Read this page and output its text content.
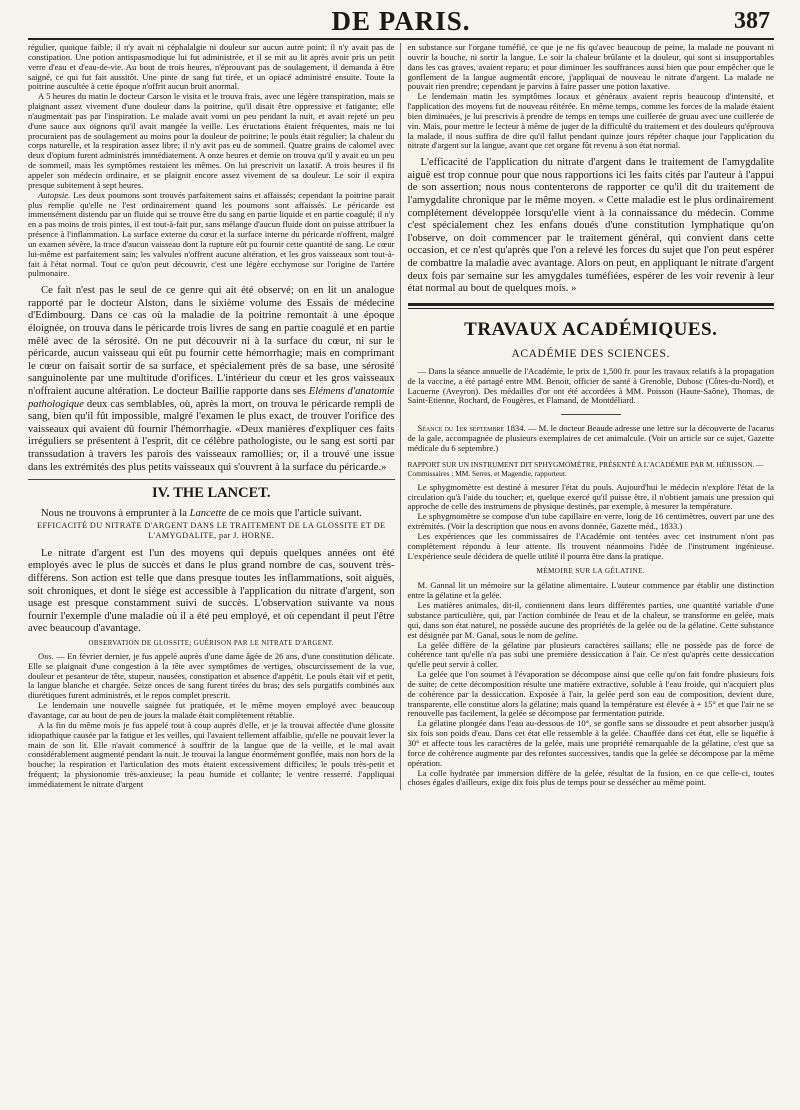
DE PARIS.	387

régulier, quoique faible; il n'y avait ni céphalalgie ni douleur sur aucun autre point; il n'y avait pas de constipation. Une potion antispasmodique lui fut administrée, et il se mit au lit après avoir pris un petit verre d'eau et d'eau-de-vie. Au bout de trois heures, n'éprouvant pas de soulagement, il demanda à être saigné, ce qui fut fait aussitôt. Une pinte de sang fut tirée, et un opiacé administré ensuite. Toute la poitrine auscultée à cette époque n'offrit aucun bruit anormal.

A 5 heures du matin le docteur Carson le visita et le trouva frais, avec une légère transpiration, mais se plaignant assez vivement d'une douleur dans la poitrine, qu'il disait être oppressive et fatigante; elle n'augmentait pas par l'inspiration. Le malade avait vomi un peu pendant la nuit, et avait rejeté un peu d'une sauce aux oignons qu'il avait mangée la veille. Les éructations étaient fréquentes, mais ne lui procuraient pas de soulagement au moins pour la douleur de poitrine; le pouls était régulier; la chaleur du corps naturelle, et la respiration assez libre; il n'y avit pas eu de sommeil. Quatre grains de calomel avec deux d'opium furent administrés immédiatement. A onze heures et demie on trouva qu'il y avait eu un peu de sommeil, mais les symptômes restaient les mêmes. On lui prescrivit un laxatif. A trois heures il fit appeler son médecin ordinaire, et se plaignit encore assez vivement de sa douleur. Le soir il expira presque subitement à sept heures.

Autopsie. Les deux poumons sont trouvés parfaitement sains et affaissés; cependant la poitrine parait plus remplie qu'elle ne l'est ordinairement quand les poumons sont affaissés. Le péricarde est immensément distendu par un fluide qui se trouve être du sang en partie liquide et en partie coagulé; il n'y en a pas moins de trois pintes, il est tout-à-fait pur, sans mélange d'aucun fluide dont on puisse attribuer la présence à l'inflammation. La surface externe du cœur et la surface interne du péricarde n'offrent, malgré un examen sévère, la trace d'aucun vaisseau dont la rupture eût pu fournir cette quantité de sang. Le cœur lui-même est parfaitement sain; les valvules n'offrent aucune altération, et les gros vaisseaux sont tout-à-fait à l'état normal. Tout ce qu'on peut découvrir, c'est une légère ecchymose sur l'origine de l'artère pulmonaire.

Ce fait n'est pas le seul de ce genre qui ait été observé; on en lit un analogue rapporté par le docteur Alston, dans le sixième volume des Essais de médecine d'Edimbourg. Dans ce cas où la maladie de la poitrine remontait à une époque éloignée, on trouva dans le péricarde trois livres de sang en partie coagulé et en partie mêlé avec de la sérosité. On ne put découvrir ni à la surface du cœur, ni sur le péricarde, aucun vaisseau qui eût pu fournir cette hémorrhagie; mais en comprimant le cœur on faisait sortir de sa surface, et spécialement près de sa base, une sérosité sanguinolente par une multitude d'orifices. L'intérieur du cœur et les gros vaisseaux n'offraient aucune altération. Le docteur Baillie rapporte dans ses Elémens d'anatomie pathologique deux cas semblables, où, après la mort, on trouva le péricarde rempli de sang, bien qu'il fût impossible, malgré l'examen le plus exact, de trouver l'orifice des vaisseaux qui avaient dû fournir l'hémorrhagie. «Deux manières d'expliquer ces faits irréguliers se présentent à l'esprit, dit ce célèbre pathologiste, ou le sang est sorti par transsudation à travers les parois des vaisseaux ramollies; or, il a trouvé une issue dans les extrémités des plus petits vaisseaux qui s'ouvrent à la surface du péricarde.»

IV. THE LANCET.

Nous ne trouvons à emprunter à la Lancette de ce mois que l'article suivant.

EFFICACITÉ DU NITRATE D'ARGENT DANS LE TRAITEMENT DE LA GLOSSITE ET DE L'AMYGDALITE, par J. HORNE.

Le nitrate d'argent est l'un des moyens qui depuis quelques années ont été employés avec le plus de succès et dans le plus grand nombre de cas, souvent très-différens. Son action est telle que dans presque toutes les inflammations, soit aiguës, soit chroniques, et dont le siége est accessible à l'application du nitrate d'argent, son usage est presque constamment suivi de succès. L'observation suivante va nous fournir l'exemple d'une maladie où il a été peu employé, et où cependant il peut l'être avec beaucoup d'avantage.

OBSERVATION DE GLOSSITE; GUÉRISON PAR LE NITRATE D'ARGENT.

Obs. — En février dernier, je fus appelé auprès d'une dame âgée de 26 ans, d'une constitution délicate. Elle se plaignait d'une congestion à la tête avec symptômes de vertiges, obscurcissement de la vue, douleur et pesanteur de tête, stupeur, nausées, constipation et absence d'appétit. Le pouls était vif et petit, la langue blanche et chargée. Seize onces de sang furent tirées du bras; des sels purgatifs combinés aux diurétiques furent administrés, et le repos complet prescrit.

Le lendemain une nouvelle saignée fut pratiquée, et le même moyen employé avec beaucoup d'avantage, car au bout de peu de jours la malade était complètement rétablie.

A la fin du même mois je fus appelé tout à coup auprès d'elle, et je la trouvai affectée d'une glossite idiopathique causée par la fatigue et les veilles, qui l'avaient tellement affaiblie, qu'elle ne pouvait lever la main de son lit. Elle n'avait commencé à souffrir de la langue que de la veille, et le mal avait considérablement augmenté pendant la nuit. Je trouvai la langue énormément gonflée, mais non hors de la bouche; la respiration et l'articulation des mots étaient excessivement difficiles; le pouls très-petit et fréquent; la physionomie très-anxieuse; la peau humide et collante; le ventre resserré. J'appliquai immédiatement le nitrate d'argent

en substance sur l'organe tuméfié, ce que je ne fis qu'avec beaucoup de peine, la malade ne pouvant ni ouvrir la bouche, ni sortir la langue. Le soir la chaleur brûlante et la douleur, qui sont si insupportables dans les cas graves, avaient reparu; et pour diminuer les souffrances aussi bien que pour empêcher que le gonflement de la langue augmentât encore, j'appliquai de nouveau le nitrate d'argent. La malade ne pouvait rien prendre; cependant je parvins à faire passer une potion laxative.

Le lendemain matin les symptômes locaux et généraux avaient repris beaucoup d'intensité, et l'application des moyens fut de nouveau réitérée. En même temps, comme les forces de la malade étaient bien diminuées, je lui prescrivis à prendre de temps en temps une cuillerée de gruau avec une cuillerée de vin. Mais, pour mettre le lecteur à même de juger de la difficulté du traitement et des douleurs qu'éprouva la malade, il nous suffira de dire qu'il fallut pendant quinze jours répéter chaque jour l'application du nitrate d'argent sur la langue, avant que cet organe fût revenu à son état normal.

L'efficacité de l'application du nitrate d'argent dans le traitement de l'amygdalite aiguë est trop connue pour que nous rapportions ici les faits cités par l'auteur à l'appui de son assertion; nous nous contenterons de rapporter ce qu'il dit du traitement de l'amygdalite chronique par le même moyen. « Cette maladie est le plus ordinairement complétement développée lorsqu'elle vient à la connaissance du médecin. Comme c'est spécialement chez les enfans doués d'une constitution lymphatique qu'on l'observe, on doit commencer par le traitement général, qui convient dans cette occasion, et ce n'est qu'après que l'on a relevé les forces du sujet que l'on peut espérer de combattre la maladie avec avantage. Alors on peut, en appliquant le nitrate d'argent deux fois par semaine sur les amygdales tuméfiées, espérer de les voir revenir à leur état normal au bout de quelques mois. »

TRAVAUX ACADÉMIQUES.
ACADÉMIE DES SCIENCES.

— Dans la séance annuelle de l'Académie, le prix de 1,500 fr. pour les travaux relatifs à la propagation de la vaccine, a été partagé entre MM. Benoit, officier de santé à Grenoble, Dubosc (Côtes-du-Nord), et Lacuerne (Aveyron). Des médailles d'or ont été accordées à MM. Poisson (Haute-Saône), Thomas, de Saint-Etienne, Rochard, de Fougères, et Flamand, de Montdéliard.

Séance du 1er septembre 1834. — M. le docteur Beaude adresse une lettre sur la découverte de l'acarus de la gale, accompagnée de plusieurs exemplaires de cet animalcule. (Voir un article sur ce sujet, Gazette médicale du 6 septembre.)

RAPPORT SUR UN INSTRUMENT DIT SPHYGMOMÈTRE, PRÉSENTÉ A L'ACADÉMIE PAR M. HÉRISSON. — Commissaires : MM. Serres, et Magendie, rapporteur.

Le sphygmomètre est destiné à mesurer l'état du pouls. Aujourd'hui le médecin n'explore l'état de la circulation qu'à l'aide du toucher; et, quelque exercé qu'il puisse être, il n'obtient jamais une pression qui approche de celle des instrumens de physique destinés, par exemple, à mesurer la température.

Le sphygmomètre se compose d'un tube capillaire en verre, long de 16 centimètres, ouvert par une des extrémités. (Voir la description que nous en avons donnée, Gazette méd., 1833.)

Les expériences que les commissaires de l'Académie ont tentées avec cet instrument n'ont pas complètement répondu à leur attente. Ils trouvent néanmoins l'idée de l'instrument ingénieuse. L'expérience seule décidera de quelle utilité il pourra être dans la pratique.

MÉMOIRE SUR LA GÉLATINE.

M. Gannal lit un mémoire sur la gélatine alimentaire. L'auteur commence par établir une distinction entre la gélatine et la gelée.

Les matières animales, dit-il, contiennent dans leurs différentes parties, une quantité variable d'une substance particulière, qui, par l'action combinée de l'eau et de la chaleur, se transforme en gelée, mais qui, dans son état naturel, ne possède aucune des propriétés de la gelée ou de la gélatine. Cette substance est désignée par M. Ganal, sous le nom de geline.

La gelée diffère de la gélatine par plusieurs caractères saillans; elle ne possède pas de force de cohérence tant qu'elle n'a pas subi une première dessiccation à l'air. Ce n'est qu'après cette dessiccation qu'elle peut servir à coller.

La gelée que l'on soumet à l'évaporation se décompose ainsi que celle qu'on fait fondre plusieurs fois de suite; de cette décomposition résulte une matière extractive, soluble à l'eau froide, qui n'acquiert plus de cohérence par la dessiccation. Exposée à l'air, la gelée perd son eau de composition, devient dure, transparente, elle constitue alors la gélatine; mais quand la température est élevée à + 15° et que l'air ne se renouvelle pas facilement, la gelée se décompose par fermentation putride.

La gélatine plongée dans l'eau au-dessous de 10°, se gonfle sans se dissoudre et peut absorber jusqu'à six fois son poids d'eau. Dans cet état elle ressemble à la gelée. Chauffée dans cet état, elle se liquéfie à 30° et affecte tous les caractères de la gelée, mais une propriété remarquable de la gélatine, c'est que sa force de cohérence augmente par des refontes successives, tandis que la gelée se décompose par la même opération.

La colle hydratée par immersion diffère de la gelée, résultat de la fusion, en ce que celle-ci, toutes choses égales d'ailleurs, exige dix fois plus de temps pour se dessécher au même point.
